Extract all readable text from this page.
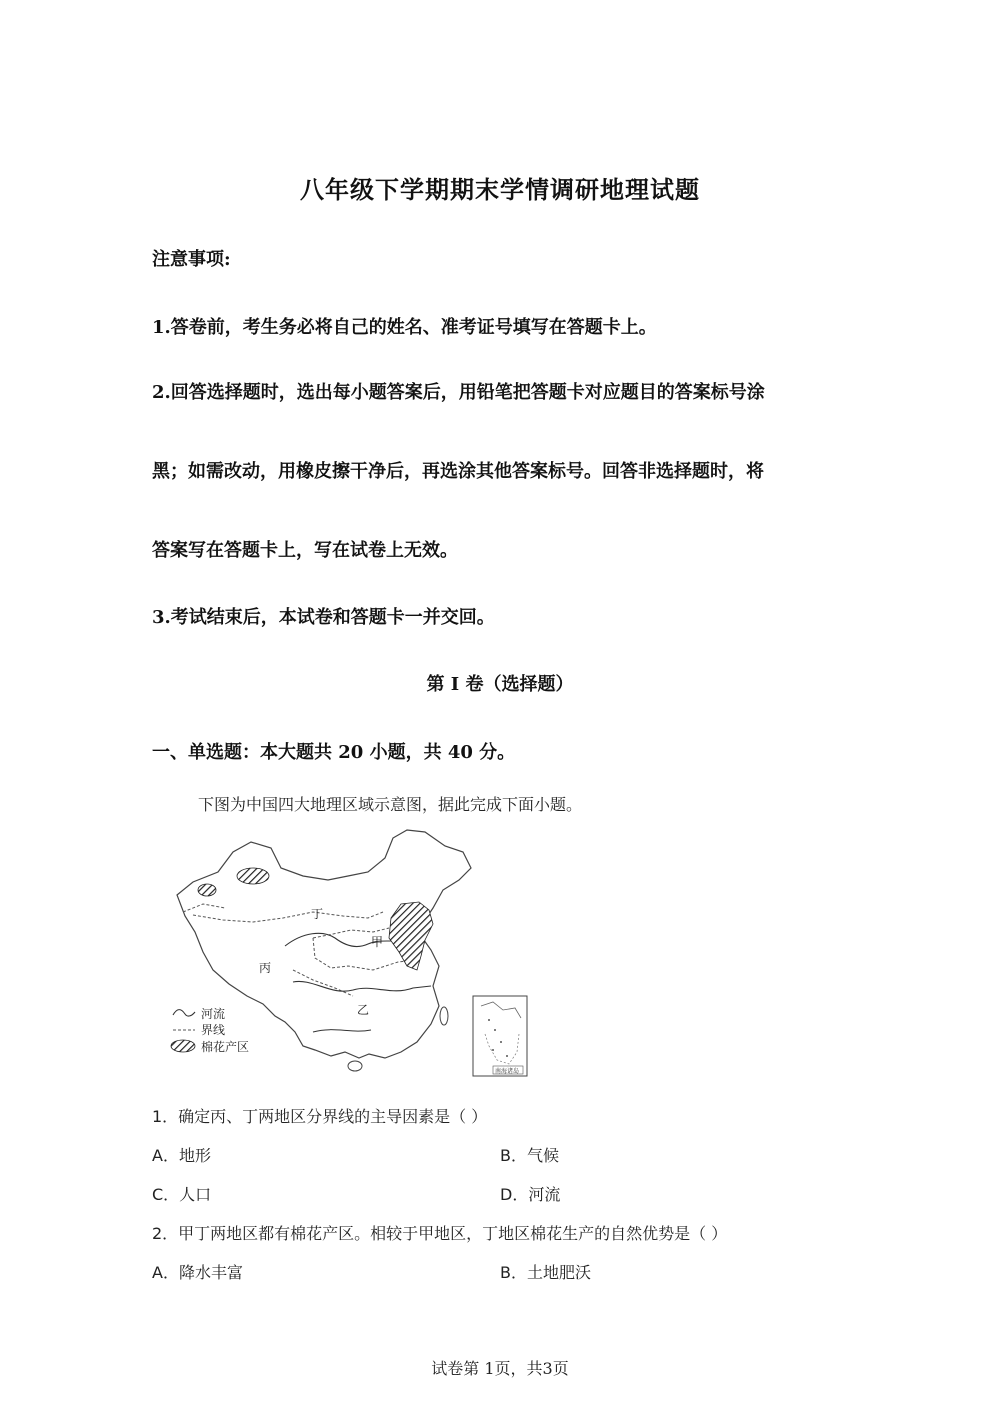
八年级下学期期末学情调研地理试题
注意事项:
1.答卷前，考生务必将自己的姓名、准考证号填写在答题卡上。
2.回答选择题时，选出每小题答案后，用铅笔把答题卡对应题目的答案标号涂
黑；如需改动，用橡皮擦干净后，再选涂其他答案标号。回答非选择题时，将
答案写在答题卡上，写在试卷上无效。
3.考试结束后，本试卷和答题卡一并交回。
第 I 卷（选择题）
一、单选题：本大题共 20 小题，共 40 分。
下图为中国四大地理区域示意图，据此完成下面小题。
丁
甲
丙
乙
河流
界线
棉花产区
南海诸岛
1．确定丙、丁两地区分界线的主导因素是（ ）
A．地形	B．气候
C．人口	D．河流
2．甲丁两地区都有棉花产区。相较于甲地区，丁地区棉花生产的自然优势是（ ）
A．降水丰富	B．土地肥沃
试卷第 1页，共3页
